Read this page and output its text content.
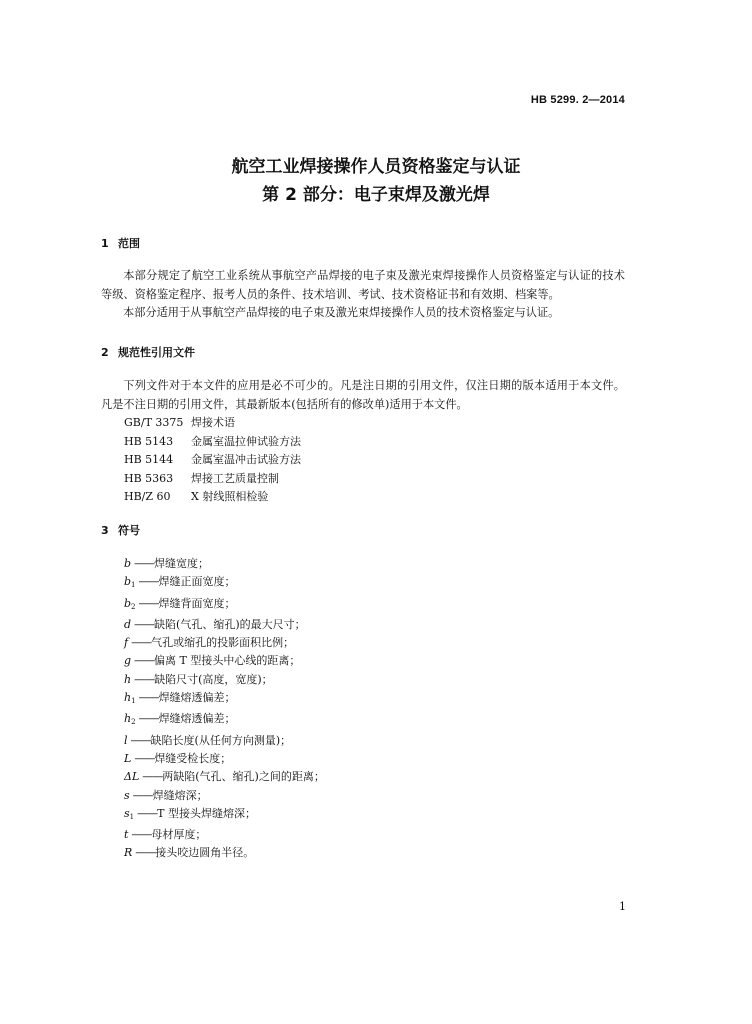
HB 5299. 2—2014
航空工业焊接操作人员资格鉴定与认证
第 2 部分：电子束焊及激光焊
1 范围
本部分规定了航空工业系统从事航空产品焊接的电子束及激光束焊接操作人员资格鉴定与认证的技术等级、资格鉴定程序、报考人员的条件、技术培训、考试、技术资格证书和有效期、档案等。
本部分适用于从事航空产品焊接的电子束及激光束焊接操作人员的技术资格鉴定与认证。
2 规范性引用文件
下列文件对于本文件的应用是必不可少的。凡是注日期的引用文件，仅注日期的版本适用于本文件。凡是不注日期的引用文件，其最新版本(包括所有的修改单)适用于本文件。
GB/T 3375 焊接术语
HB 5143 金属室温拉伸试验方法
HB 5144 金属室温冲击试验方法
HB 5363 焊接工艺质量控制
HB/Z 60 X 射线照相检验
3 符号
b ——焊缝宽度；
$b_1$ ——焊缝正面宽度；
$b_2$ ——焊缝背面宽度；
d ——缺陷(气孔、缩孔)的最大尺寸；
f ——气孔或缩孔的投影面积比例；
g ——偏离 T 型接头中心线的距离；
h ——缺陷尺寸(高度，宽度)；
$h_1$ ——焊缝熔透偏差；
$h_2$ ——焊缝熔透偏差；
l ——缺陷长度(从任何方向测量)；
L ——焊缝受检长度；
ΔL ——两缺陷(气孔、缩孔)之间的距离；
s ——焊缝熔深；
$s_1$ ——T 型接头焊缝熔深；
t ——母材厚度；
R ——接头咬边圆角半径。
1
